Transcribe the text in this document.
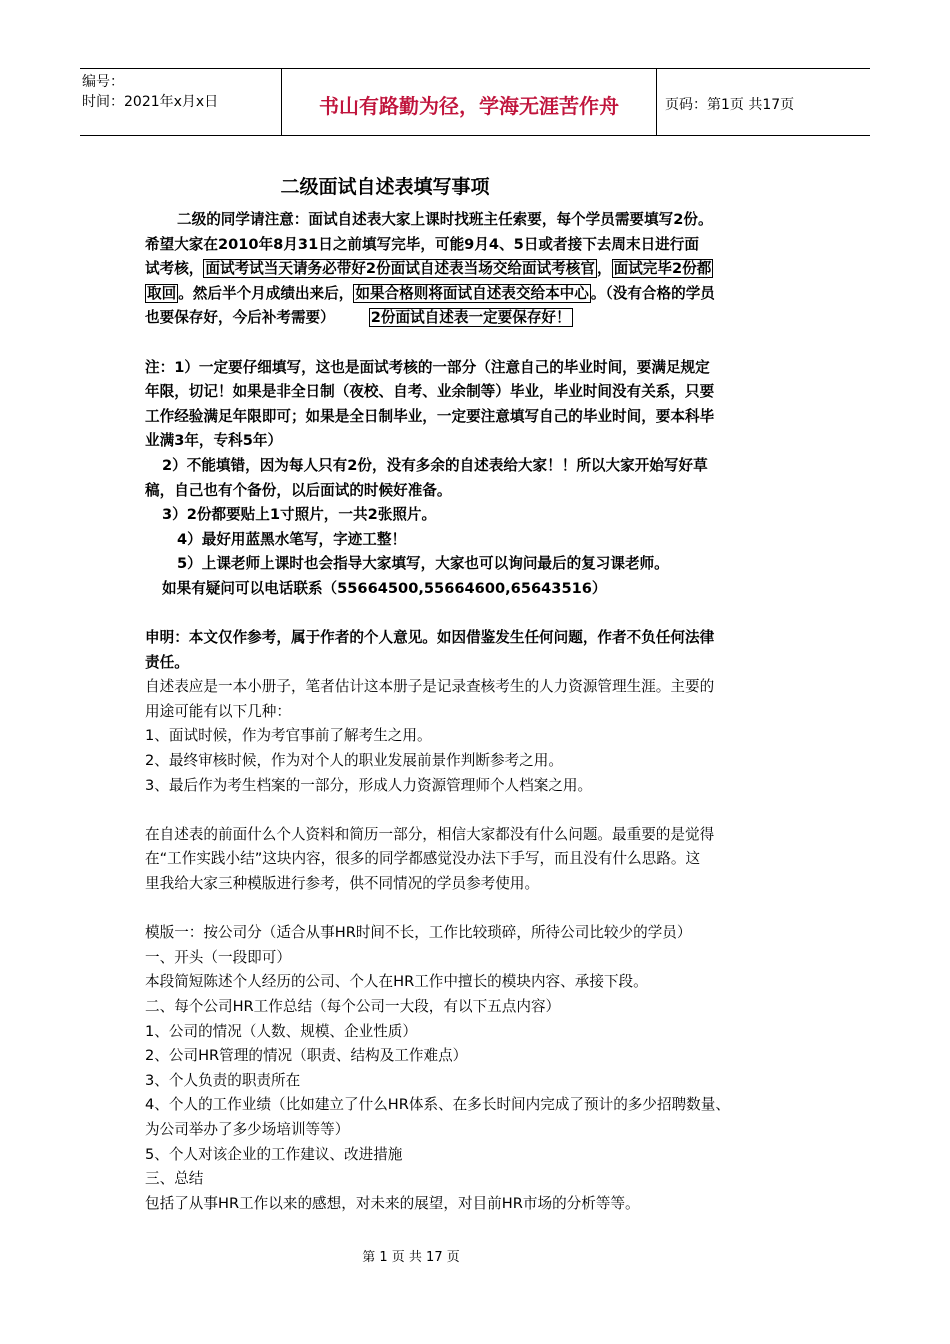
编号：
时间：2021年x月x日	书山有路勤为径，学海无涯苦作舟	页码：第1页 共17页
二级面试自述表填写事项

二级的同学请注意：面试自述表大家上课时找班主任索要，每个学员需要填写2份。

希望大家在2010年8月31日之前填写完毕，可能9月4、5日或者接下去周末日进行面

试考核， 面试考试当天请务必带好2份面试自述表当场交给面试考核官 ， 面试完毕2份都

取回 。然后半个月成绩出来后， 如果合格则将面试自述表交给本中心 。（没有合格的学员

也要保存好，今后补考需要） 2份面试自述表一定要保存好！

注：1）一定要仔细填写，这也是面试考核的一部分（注意自己的毕业时间，要满足规定

年限，切记！如果是非全日制（夜校、自考、业余制等）毕业，毕业时间没有关系，只要

工作经验满足年限即可；如果是全日制毕业，一定要注意填写自己的毕业时间，要本科毕

业满3年，专科5年）

2）不能填错，因为每人只有2份，没有多余的自述表给大家！！所以大家开始写好草

稿，自己也有个备份，以后面试的时候好准备。

3）2份都要贴上1寸照片，一共2张照片。

4）最好用蓝黑水笔写，字迹工整！

5）上课老师上课时也会指导大家填写，大家也可以询问最后的复习课老师。

如果有疑问可以电话联系（55664500,55664600,65643516）

申明：本文仅作参考，属于作者的个人意见。如因借鉴发生任何问题，作者不负任何法律

责任。

自述表应是一本小册子，笔者估计这本册子是记录查核考生的人力资源管理生涯。主要的

用途可能有以下几种：

1、面试时候，作为考官事前了解考生之用。

2、最终审核时候，作为对个人的职业发展前景作判断参考之用。

3、最后作为考生档案的一部分，形成人力资源管理师个人档案之用。

在自述表的前面什么个人资料和简历一部分，相信大家都没有什么问题。最重要的是觉得

在“工作实践小结”这块内容，很多的同学都感觉没办法下手写，而且没有什么思路。这

里我给大家三种模版进行参考，供不同情况的学员参考使用。

模版一：按公司分（适合从事HR时间不长，工作比较琐碎，所待公司比较少的学员）

一、开头（一段即可）

本段简短陈述个人经历的公司、个人在HR工作中擅长的模块内容、承接下段。

二、每个公司HR工作总结（每个公司一大段，有以下五点内容）

1、公司的情况（人数、规模、企业性质）

2、公司HR管理的情况（职责、结构及工作难点）

3、个人负责的职责所在

4、个人的工作业绩（比如建立了什么HR体系、在多长时间内完成了预计的多少招聘数量、

为公司举办了多少场培训等等）

5、个人对该企业的工作建议、改进措施

三、总结

包括了从事HR工作以来的感想，对未来的展望，对目前HR市场的分析等等。

第 1 页 共 17 页
